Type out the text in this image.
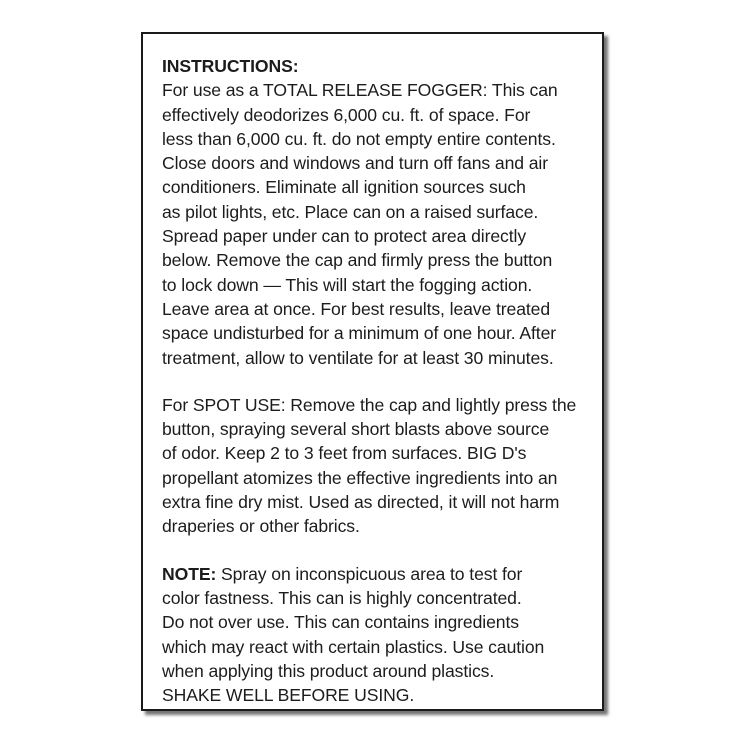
INSTRUCTIONS:
For use as a TOTAL RELEASE FOGGER: This can
effectively deodorizes 6,000 cu. ft. of space. For
less than 6,000 cu. ft. do not empty entire contents.
Close doors and windows and turn off fans and air
conditioners. Eliminate all ignition sources such
as pilot lights, etc. Place can on a raised surface.
Spread paper under can to protect area directly
below. Remove the cap and firmly press the button
to lock down — This will start the fogging action.
Leave area at once. For best results, leave treated
space undisturbed for a minimum of one hour. After
treatment, allow to ventilate for at least 30 minutes.
For SPOT USE: Remove the cap and lightly press the
button, spraying several short blasts above source
of odor. Keep 2 to 3 feet from surfaces. BIG D's
propellant atomizes the effective ingredients into an
extra fine dry mist. Used as directed, it will not harm
draperies or other fabrics.
NOTE: Spray on inconspicuous area to test for
color fastness. This can is highly concentrated.
Do not over use. This can contains ingredients
which may react with certain plastics. Use caution
when applying this product around plastics.
SHAKE WELL BEFORE USING.
